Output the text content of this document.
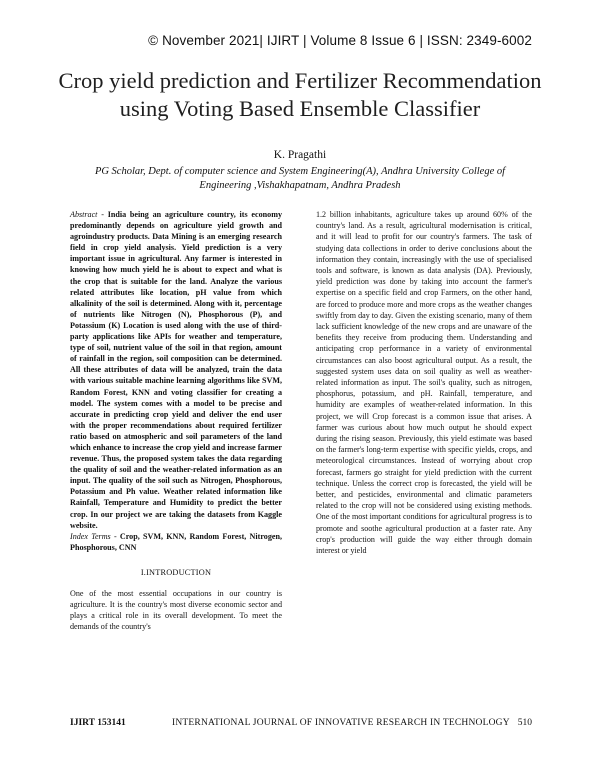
© November 2021| IJIRT | Volume 8 Issue 6 | ISSN: 2349-6002
Crop yield prediction and Fertilizer Recommendation
using Voting Based Ensemble Classifier
K. Pragathi
PG Scholar, Dept. of computer science and System Engineering(A), Andhra University College of
Engineering ,Vishakhapatnam, Andhra Pradesh

Abstract - India being an agriculture country, its economy predominantly depends on agriculture yield growth and agroindustry products. Data Mining is an emerging research field in crop yield analysis. Yield prediction is a very important issue in agricultural. Any farmer is interested in knowing how much yield he is about to expect and what is the crop that is suitable for the land. Analyze the various related attributes like location, pH value from which alkalinity of the soil is determined. Along with it, percentage of nutrients like Nitrogen (N), Phosphorous (P), and Potassium (K) Location is used along with the use of third-party applications like APIs for weather and temperature, type of soil, nutrient value of the soil in that region, amount of rainfall in the region, soil composition can be determined. All these attributes of data will be analyzed, train the data with various suitable machine learning algorithms like SVM, Random Forest, KNN and voting classifier for creating a model. The system comes with a model to be precise and accurate in predicting crop yield and deliver the end user with the proper recommendations about required fertilizer ratio based on atmospheric and soil parameters of the land which enhance to increase the crop yield and increase farmer revenue. Thus, the proposed system takes the data regarding the quality of soil and the weather-related information as an input. The quality of the soil such as Nitrogen, Phosphorous, Potassium and Ph value. Weather related information like Rainfall, Temperature and Humidity to predict the better crop. In our project we are taking the datasets from Kaggle website.

Index Terms - Crop, SVM, KNN, Random Forest, Nitrogen, Phosphorous, CNN

I.INTRODUCTION

One of the most essential occupations in our country is agriculture. It is the country's most diverse economic sector and plays a critical role in its overall development. To meet the demands of the country's

1.2 billion inhabitants, agriculture takes up around 60% of the country's land. As a result, agricultural modernisation is critical, and it will lead to profit for our country's farmers. The task of studying data collections in order to derive conclusions about the information they contain, increasingly with the use of specialised tools and software, is known as data analysis (DA). Previously, yield prediction was done by taking into account the farmer's expertise on a specific field and crop Farmers, on the other hand, are forced to produce more and more crops as the weather changes swiftly from day to day. Given the existing scenario, many of them lack sufficient knowledge of the new crops and are unaware of the benefits they receive from producing them. Understanding and anticipating crop performance in a variety of environmental circumstances can also boost agricultural output. As a result, the suggested system uses data on soil quality as well as weather-related information as input. The soil's quality, such as nitrogen, phosphorus, potassium, and pH. Rainfall, temperature, and humidity are examples of weather-related information. In this project, we will Crop forecast is a common issue that arises. A farmer was curious about how much output he should expect during the rising season. Previously, this yield estimate was based on the farmer's long-term expertise with specific yields, crops, and meteorological circumstances. Instead of worrying about crop forecast, farmers go straight for yield prediction with the current technique. Unless the correct crop is forecasted, the yield will be better, and pesticides, environmental and climatic parameters related to the crop will not be considered using existing methods. One of the most important conditions for agricultural progress is to promote and soothe agricultural production at a faster rate. Any crop's production will guide the way either through domain interest or yield

IJIRT 153141	INTERNATIONAL JOURNAL OF INNOVATIVE RESEARCH IN TECHNOLOGY 510
